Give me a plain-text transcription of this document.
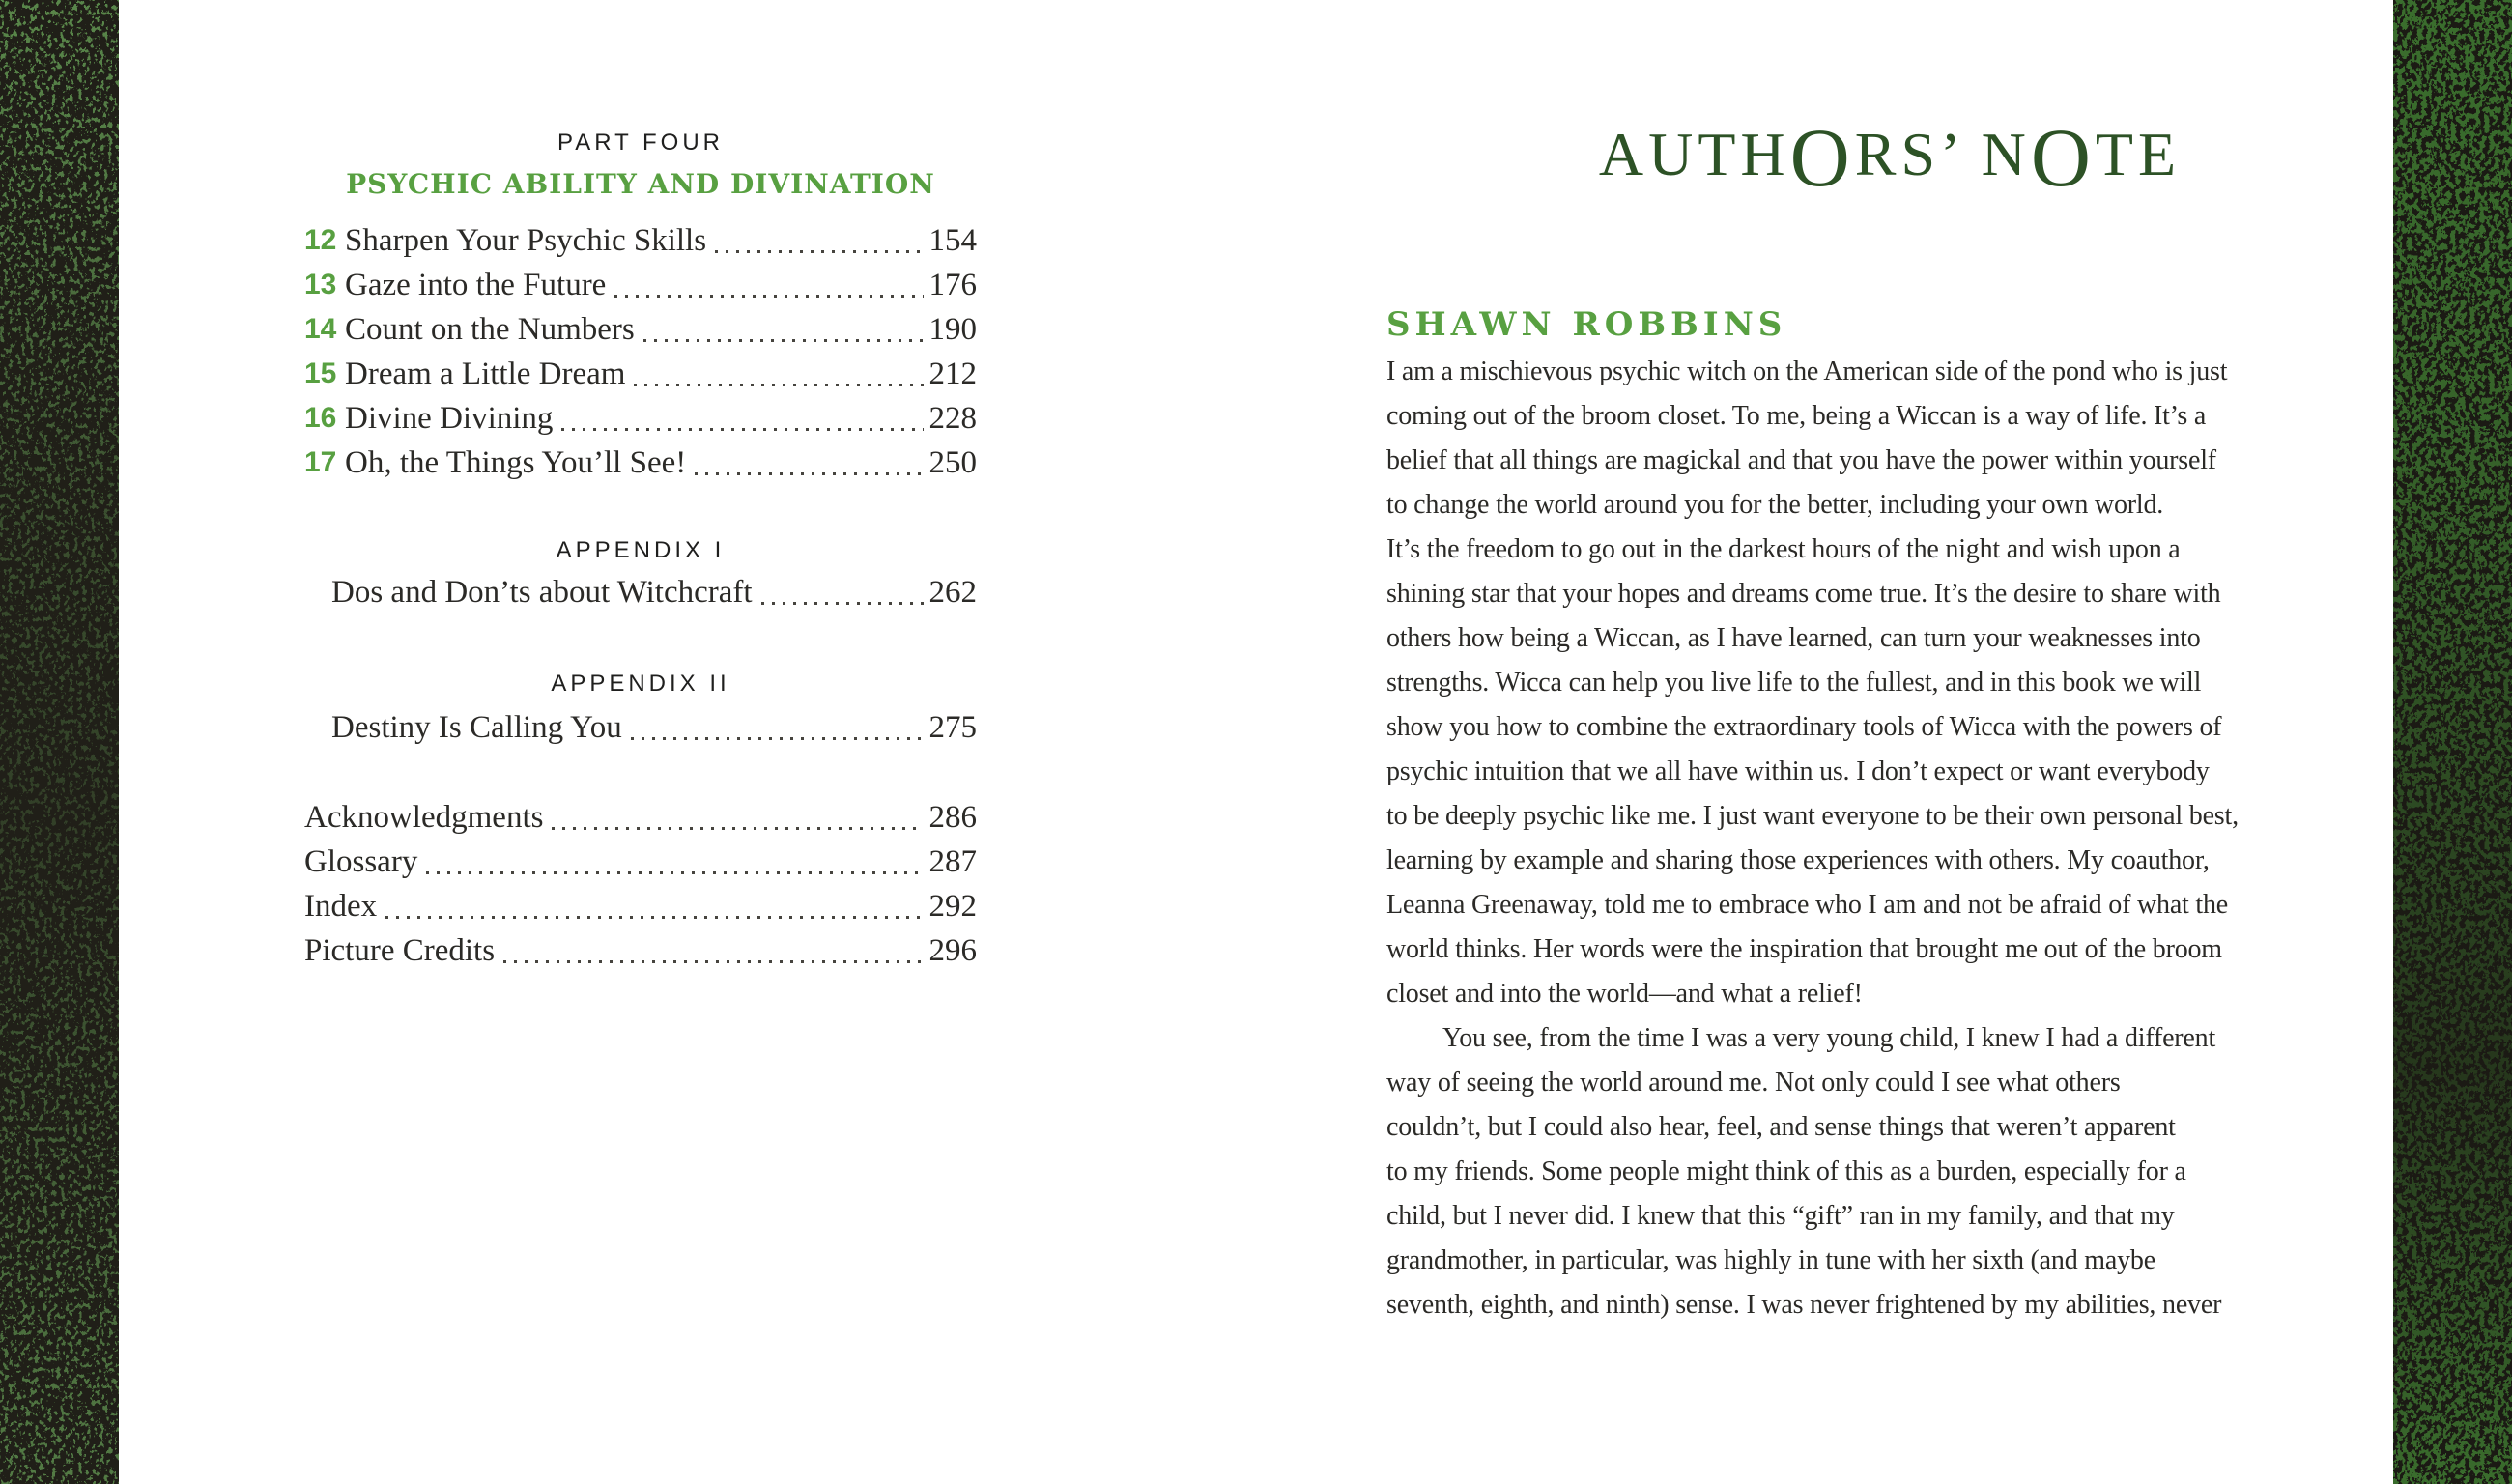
PART FOUR
PSYCHIC ABILITY AND DIVINATION
12 Sharpen Your Psychic Skills	154
13 Gaze into the Future	176
14 Count on the Numbers	190
15 Dream a Little Dream	212
16 Divine Divining	228
17 Oh, the Things You’ll See!	250
APPENDIX I
Dos and Don’ts about Witchcraft	262
APPENDIX II
Destiny Is Calling You	275
Acknowledgments	286
Glossary	287
Index	292
Picture Credits	296
AUTHORS’ NOTE
SHAWN ROBBINS
I am a mischievous psychic witch on the American side of the pond who is just
coming out of the broom closet. To me, being a Wiccan is a way of life. It’s a
belief that all things are magickal and that you have the power within yourself
to change the world around you for the better, including your own world.
It’s the freedom to go out in the darkest hours of the night and wish upon a
shining star that your hopes and dreams come true. It’s the desire to share with
others how being a Wiccan, as I have learned, can turn your weaknesses into
strengths. Wicca can help you live life to the fullest, and in this book we will
show you how to combine the extraordinary tools of Wicca with the powers of
psychic intuition that we all have within us. I don’t expect or want everybody
to be deeply psychic like me. I just want everyone to be their own personal best,
learning by example and sharing those experiences with others. My coauthor,
Leanna Greenaway, told me to embrace who I am and not be afraid of what the
world thinks. Her words were the inspiration that brought me out of the broom
closet and into the world—and what a relief!
You see, from the time I was a very young child, I knew I had a different
way of seeing the world around me. Not only could I see what others
couldn’t, but I could also hear, feel, and sense things that weren’t apparent
to my friends. Some people might think of this as a burden, especially for a
child, but I never did. I knew that this “gift” ran in my family, and that my
grandmother, in particular, was highly in tune with her sixth (and maybe
seventh, eighth, and ninth) sense. I was never frightened by my abilities, never
